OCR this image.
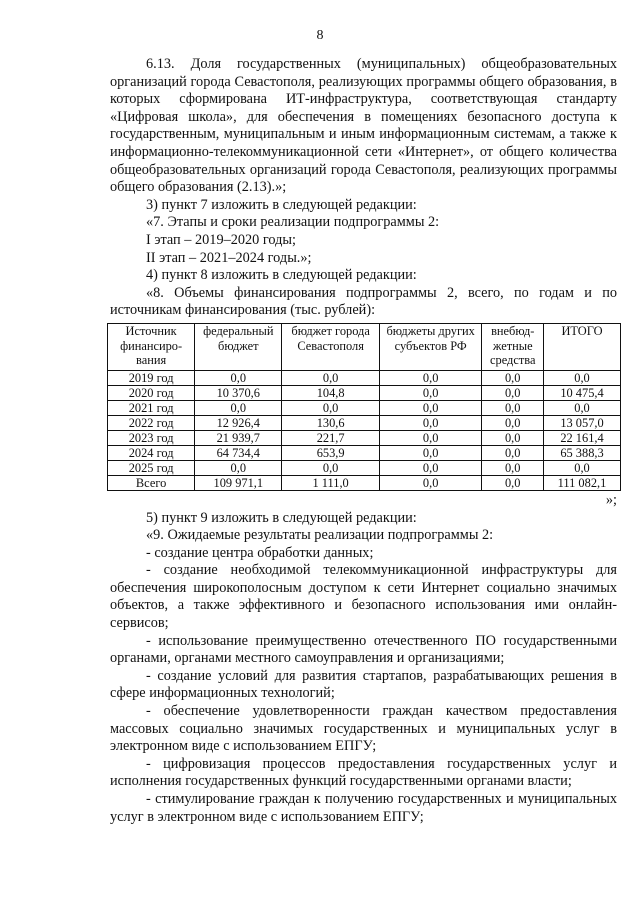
8

6.13. Доля государственных (муниципальных) общеобразовательных организаций города Севастополя, реализующих программы общего образования, в которых сформирована ИТ-инфраструктура, соответствующая стандарту «Цифровая школа», для обеспечения в помещениях безопасного доступа к государственным, муниципальным и иным информационным системам, а также к информационно-телекоммуникационной сети «Интернет», от общего количества общеобразовательных организаций города Севастополя, реализующих программы общего образования (2.13).»;

3) пункт 7 изложить в следующей редакции:

«7. Этапы и сроки реализации подпрограммы 2:

I этап – 2019–2020 годы;

II этап – 2021–2024 годы.»;

4) пункт 8 изложить в следующей редакции:

«8. Объемы финансирования подпрограммы 2, всего, по годам и по источникам финансирования (тыс. рублей):

Источник финансиро-вания	федеральный бюджет	бюджет города Севастополя	бюджеты других субъектов РФ	внебюд-жетные средства	ИТОГО
2019 год	0,0	0,0	0,0	0,0	0,0
2020 год	10 370,6	104,8	0,0	0,0	10 475,4
2021 год	0,0	0,0	0,0	0,0	0,0
2022 год	12 926,4	130,6	0,0	0,0	13 057,0
2023 год	21 939,7	221,7	0,0	0,0	22 161,4
2024 год	64 734,4	653,9	0,0	0,0	65 388,3
2025 год	0,0	0,0	0,0	0,0	0,0
Всего	109 971,1	1 111,0	0,0	0,0	111 082,1

»;

5) пункт 9 изложить в следующей редакции:

«9. Ожидаемые результаты реализации подпрограммы 2:

- создание центра обработки данных;

- создание необходимой телекоммуникационной инфраструктуры для обеспечения широкополосным доступом к сети Интернет социально значимых объектов, а также эффективного и безопасного использования ими онлайн-сервисов;

- использование преимущественно отечественного ПО государственными органами, органами местного самоуправления и организациями;

- создание условий для развития стартапов, разрабатывающих решения в сфере информационных технологий;

- обеспечение удовлетворенности граждан качеством предоставления массовых социально значимых государственных и муниципальных услуг в электронном виде с использованием ЕПГУ;

- цифровизация процессов предоставления государственных услуг и исполнения государственных функций государственными органами власти;

- стимулирование граждан к получению государственных и муниципальных услуг в электронном виде с использованием ЕПГУ;
